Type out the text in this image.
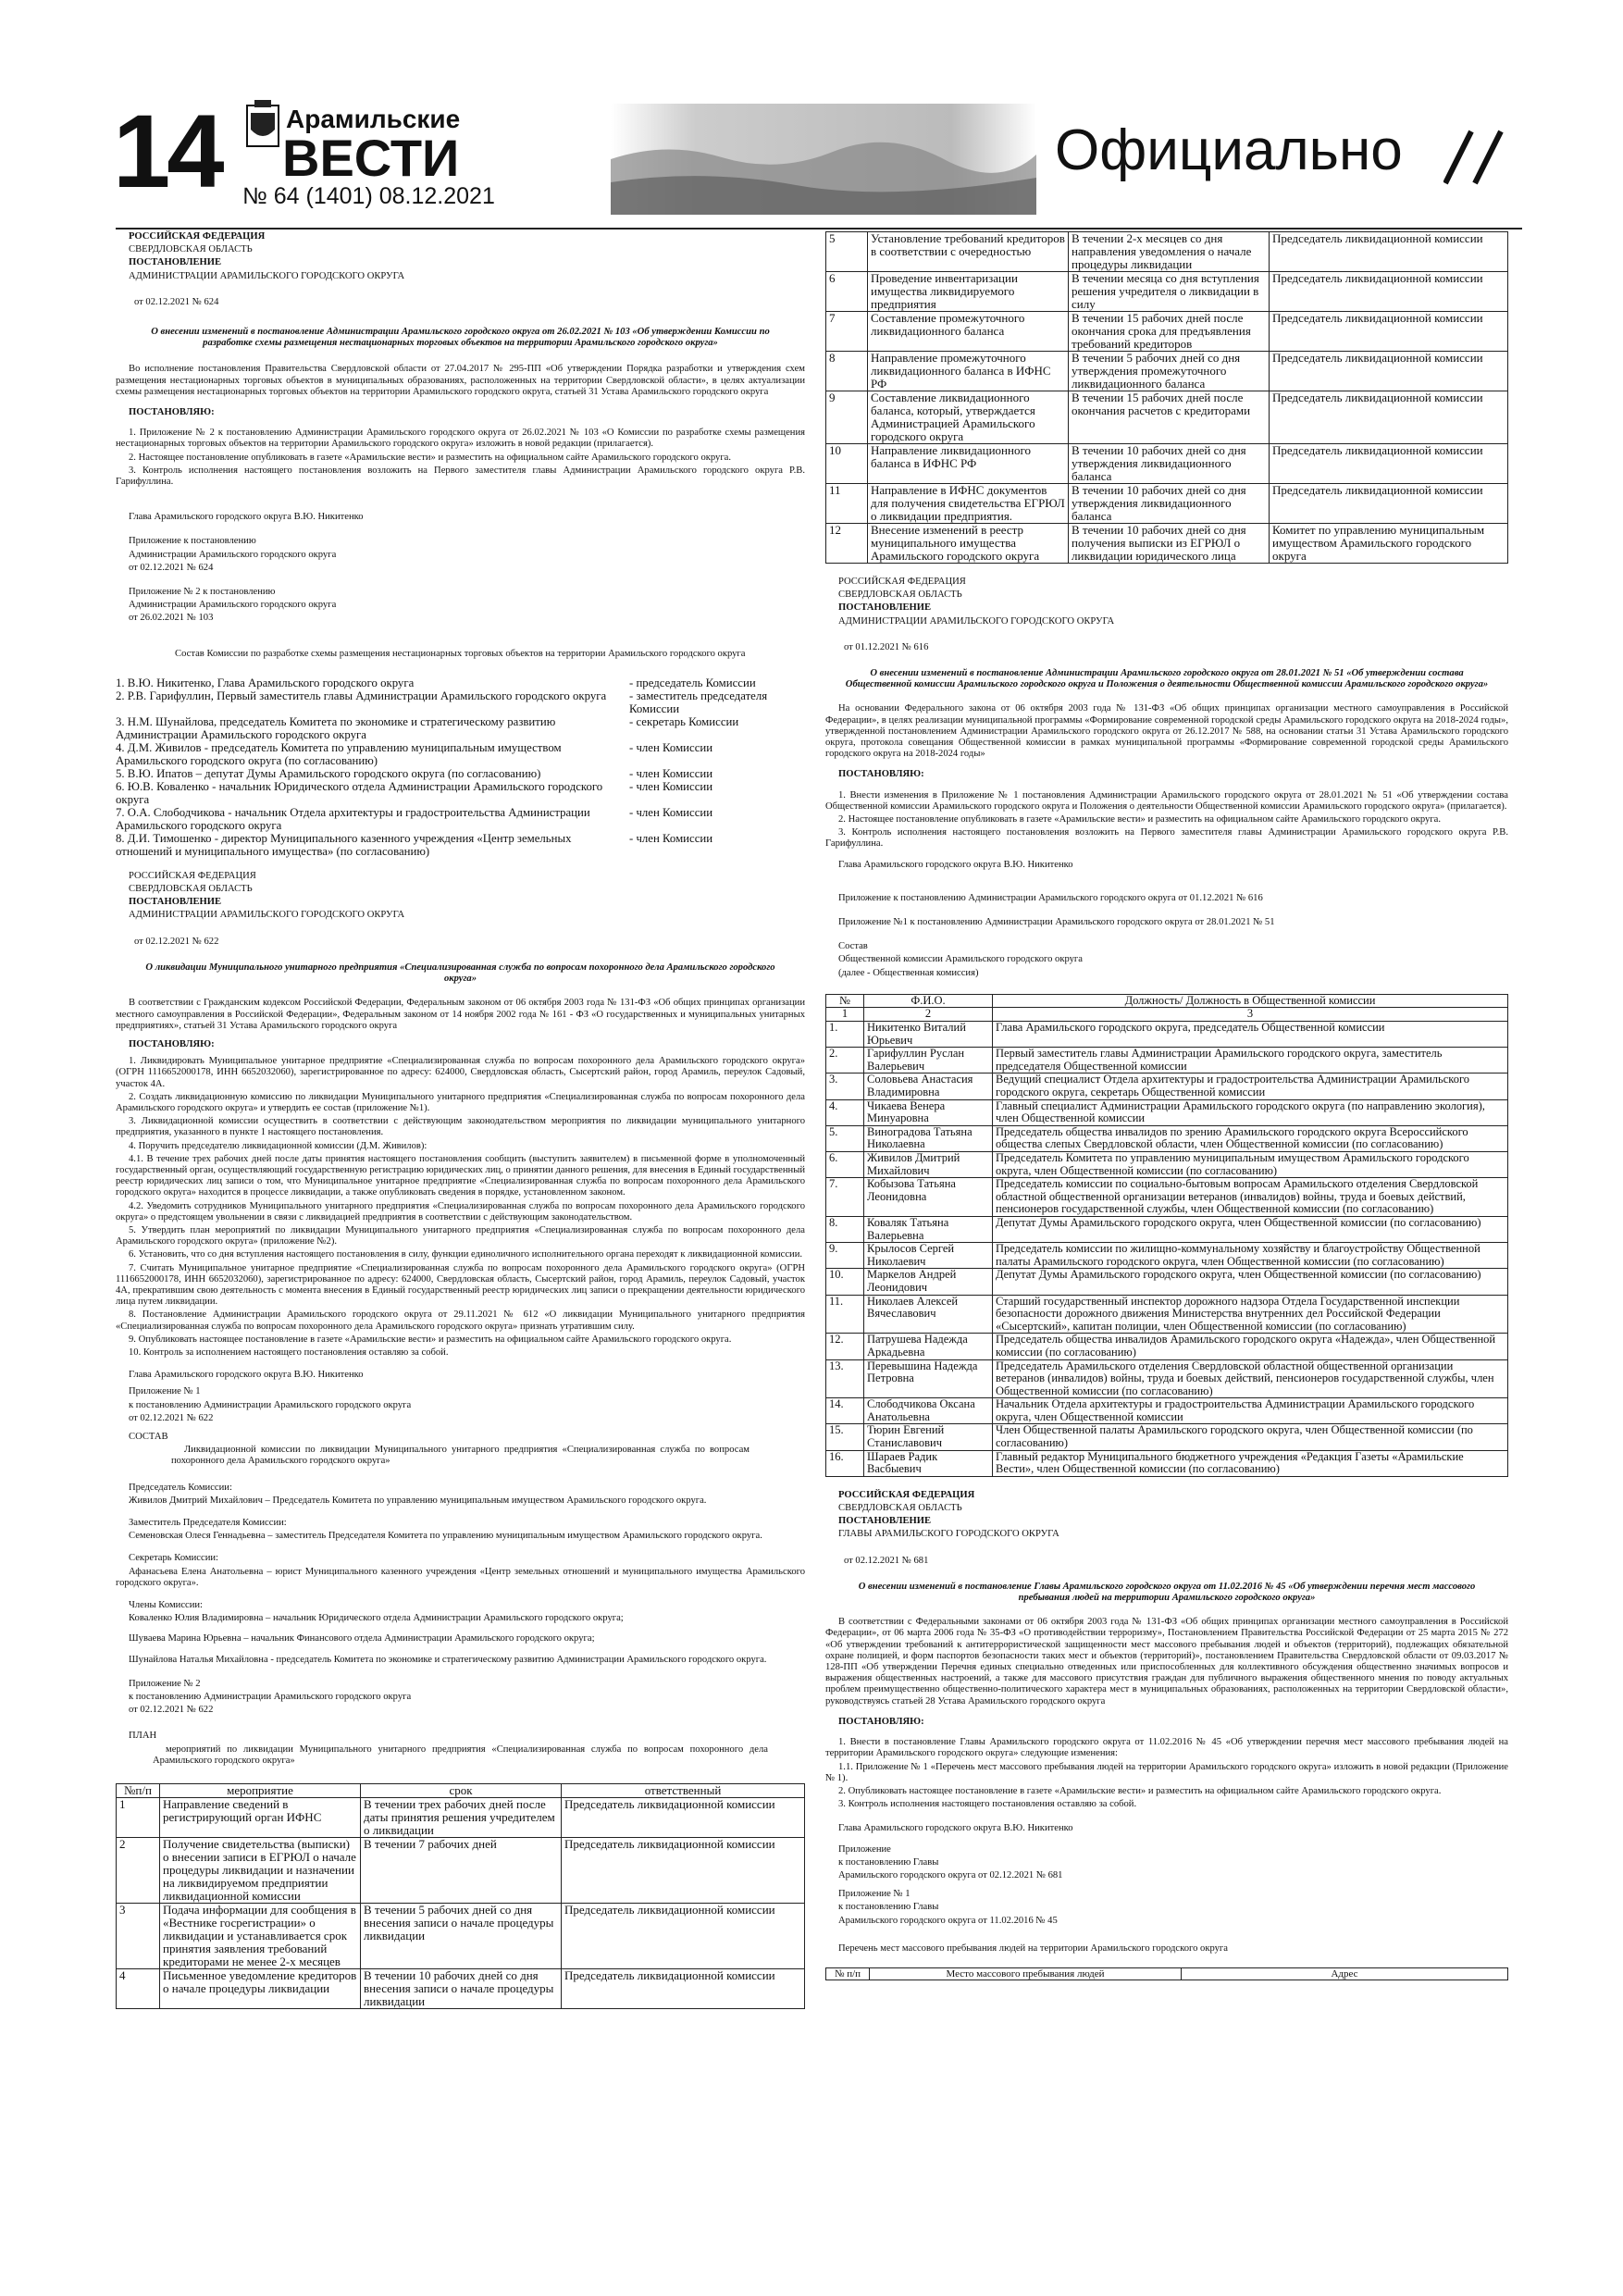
14	Арамильские
ВЕСТИ
№ 64 (1401) 08.12.2021
Официально

РОССИЙСКАЯ ФЕДЕРАЦИЯ

СВЕРДЛОВСКАЯ ОБЛАСТЬ

ПОСТАНОВЛЕНИЕ

АДМИНИСТРАЦИИ АРАМИЛЬСКОГО ГОРОДСКОГО ОКРУГА

от 02.12.2021 № 624

О внесении изменений в постановление Администрации Арамильского городского округа от 26.02.2021 № 103 «Об утверждении Комиссии по разработке схемы размещения нестационарных торговых объектов на территории Арамильского городского округа»

Во исполнение постановления Правительства Свердловской области от 27.04.2017 № 295-ПП «Об утверждении Порядка разработки и утверждения схем размещения нестационарных торговых объектов в муниципальных образованиях, расположенных на территории Свердловской области», в целях актуализации схемы размещения нестационарных торговых объектов на территории Арамильского городского округа, статьей 31 Устава Арамильского городского округа

ПОСТАНОВЛЯЮ:

1. Приложение № 2 к постановлению Администрации Арамильского городского округа от 26.02.2021 № 103 «О Комиссии по разработке схемы размещения нестационарных торговых объектов на территории Арамильского городского округа» изложить в новой редакции (прилагается).

2. Настоящее постановление опубликовать в газете «Арамильские вести» и разместить на официальном сайте Арамильского городского округа.

3. Контроль исполнения настоящего постановления возложить на Первого заместителя главы Администрации Арамильского городского округа Р.В. Гарифуллина.

Глава Арамильского городского округа В.Ю. Никитенко

Приложение к постановлению

Администрации Арамильского городского округа

от 02.12.2021 № 624

Приложение № 2 к постановлению

Администрации Арамильского городского округа

от 26.02.2021 № 103

Состав Комиссии по разработке схемы размещения нестационарных торговых объектов на территории Арамильского городского округа

1. В.Ю. Никитенко, Глава Арамильского городского округа	- председатель Комиссии
2. Р.В. Гарифуллин, Первый заместитель главы Администрации Арамильского городского округа	- заместитель председателя Комиссии
3. Н.М. Шунайлова, председатель Комитета по экономике и стратегическому развитию Администрации Арамильского городского округа
- секретарь Комиссии
4. Д.М. Живилов - председатель Комитета по управлению муниципальным имуществом Арамильского городского округа (по согласованию)
- член Комиссии
5. В.Ю. Ипатов – депутат Думы Арамильского городского округа (по согласованию)	- член Комиссии
6. Ю.В. Коваленко - начальник Юридического отдела Администрации Арамильского городского округа
- член Комиссии
7. О.А. Слободчикова - начальник Отдела архитектуры и градостроительства Администрации Арамильского городского округа
- член Комиссии
8. Д.И. Тимошенко - директор Муниципального казенного учреждения «Центр земельных отношений и муниципального имущества» (по согласованию)
- член Комиссии

РОССИЙСКАЯ ФЕДЕРАЦИЯ

СВЕРДЛОВСКАЯ ОБЛАСТЬ

ПОСТАНОВЛЕНИЕ

АДМИНИСТРАЦИИ АРАМИЛЬСКОГО ГОРОДСКОГО ОКРУГА

от 02.12.2021 № 622

О ликвидации Муниципального унитарного предприятия «Специализированная служба по вопросам похоронного дела Арамильского городского округа»

В соответствии с Гражданским кодексом Российской Федерации, Федеральным законом от 06 октября 2003 года № 131-ФЗ «Об общих принципах организации местного самоуправления в Российской Федерации», Федеральным законом от 14 ноября 2002 года № 161 - ФЗ «О государственных и муниципальных унитарных предприятиях», статьей 31 Устава Арамильского городского округа

ПОСТАНОВЛЯЮ:

1. Ликвидировать Муниципальное унитарное предприятие «Специализированная служба по вопросам похоронного дела Арамильского городского округа» (ОГРН 1116652000178, ИНН 6652032060), зарегистрированное по адресу: 624000, Свердловская область, Сысертский район, город Арамиль, переулок Садовый, участок 4А.

2. Создать ликвидационную комиссию по ликвидации Муниципального унитарного предприятия «Специализированная служба по вопросам похоронного дела Арамильского городского округа» и утвердить ее состав (приложение №1).

3. Ликвидационной комиссии осуществить в соответствии с действующим законодательством мероприятия по ликвидации муниципального унитарного предприятия, указанного в пункте 1 настоящего постановления.

4. Поручить председателю ликвидационной комиссии (Д.М. Живилов):

4.1. В течение трех рабочих дней после даты принятия настоящего постановления сообщить (выступить заявителем) в письменной форме в уполномоченный государственный орган, осуществляющий государственную регистрацию юридических лиц, о принятии данного решения, для внесения в Единый государственный реестр юридических лиц записи о том, что Муниципальное унитарное предприятие «Специализированная служба по вопросам похоронного дела Арамильского городского округа» находится в процессе ликвидации, а также опубликовать сведения в порядке, установленном законом.

4.2. Уведомить сотрудников Муниципального унитарного предприятия «Специализированная служба по вопросам похоронного дела Арамильского городского округа» о предстоящем увольнении в связи с ликвидацией предприятия в соответствии с действующим законодательством.

5. Утвердить план мероприятий по ликвидации Муниципального унитарного предприятия «Специализированная служба по вопросам похоронного дела Арамильского городского округа» (приложение №2).

6. Установить, что со дня вступления настоящего постановления в силу, функции единоличного исполнительного органа переходят к ликвидационной комиссии.

7. Считать Муниципальное унитарное предприятие «Специализированная служба по вопросам похоронного дела Арамильского городского округа» (ОГРН 1116652000178, ИНН 6652032060), зарегистрированное по адресу: 624000, Свердловская область, Сысертский район, город Арамиль, переулок Садовый, участок 4А, прекратившим свою деятельность с момента внесения в Единый государственный реестр юридических лиц записи о прекращении деятельности юридического лица путем ликвидации.

8. Постановление Администрации Арамильского городского округа от 29.11.2021 № 612 «О ликвидации Муниципального унитарного предприятия «Специализированная служба по вопросам похоронного дела Арамильского городского округа» признать утратившим силу.

9. Опубликовать настоящее постановление в газете «Арамильские вести» и разместить на официальном сайте Арамильского городского округа.

10. Контроль за исполнением настоящего постановления оставляю за собой.

Глава Арамильского городского округа В.Ю. Никитенко

Приложение № 1

к постановлению Администрации Арамильского городского округа

от 02.12.2021 № 622

СОСТАВ

Ликвидационной комиссии по ликвидации Муниципального унитарного предприятия «Специализированная служба по вопросам похоронного дела Арамильского городского округа»

Председатель Комиссии:

Живилов Дмитрий Михайлович – Председатель Комитета по управлению муниципальным имуществом Арамильского городского округа.

Заместитель Председателя Комиссии:

Семеновская Олеся Геннадьевна – заместитель Председателя Комитета по управлению муниципальным имуществом Арамильского городского округа.

Секретарь Комиссии:

Афанасьева Елена Анатольевна – юрист Муниципального казенного учреждения «Центр земельных отношений и муниципального имущества Арамильского городского округа».

Члены Комиссии:

Коваленко Юлия Владимировна – начальник Юридического отдела Администрации Арамильского городского округа;

Шуваева Марина Юрьевна – начальник Финансового отдела Администрации Арамильского городского округа;

Шунайлова Наталья Михайловна - председатель Комитета по экономике и стратегическому развитию Администрации Арамильского городского округа.

Приложение № 2

к постановлению Администрации Арамильского городского округа

от 02.12.2021 № 622

ПЛАН

мероприятий по ликвидации Муниципального унитарного предприятия «Специализированная служба по вопросам похоронного дела Арамильского городского округа»

№п/п	мероприятие	срок	ответственный
1	Направление сведений в регистрирующий орган ИФНС	В течении трех рабочих дней после даты принятия решения учредителем о ликвидации	Председатель ликвидационной комиссии
2	Получение свидетельства (выписки) о внесении записи в ЕГРЮЛ о начале процедуры ликвидации и назначении на ликвидируемом предприятии ликвидационной комиссии	В течении 7 рабочих дней	Председатель ликвидационной комиссии
3	Подача информации для сообщения в «Вестнике госрегистрации» о ликвидации и устанавливается срок принятия заявления требований кредиторами не менее 2-х месяцев	В течении 5 рабочих дней со дня внесения записи о начале процедуры ликвидации	Председатель ликвидационной комиссии
4	Письменное уведомление кредиторов о начале процедуры ликвидации	В течении 10 рабочих дней со дня внесения записи о начале процедуры ликвидации	Председатель ликвидационной комиссии
5	Установление требований кредиторов в соответствии с очередностью	В течении 2-х месяцев со дня направления уведомления о начале процедуры ликвидации	Председатель ликвидационной комиссии
6	Проведение инвентаризации имущества ликвидируемого предприятия	В течении месяца со дня вступления решения учредителя о ликвидации в силу	Председатель ликвидационной комиссии
7	Составление промежуточного ликвидационного баланса	В течении 15 рабочих дней после окончания срока для предъявления требований кредиторов	Председатель ликвидационной комиссии
8	Направление промежуточного ликвидационного баланса в ИФНС РФ	В течении 5 рабочих дней со дня утверждения промежуточного ликвидационного баланса	Председатель ликвидационной комиссии
9	Составление ликвидационного баланса, который, утверждается Администрацией Арамильского городского округа	В течении 15 рабочих дней после окончания расчетов с кредиторами	Председатель ликвидационной комиссии
10	Направление ликвидационного баланса в ИФНС РФ	В течении 10 рабочих дней со дня утверждения ликвидационного баланса	Председатель ликвидационной комиссии
11	Направление в ИФНС документов для получения свидетельства ЕГРЮЛ о ликвидации предприятия.	В течении 10 рабочих дней со дня утверждения ликвидационного баланса	Председатель ликвидационной комиссии
12	Внесение изменений в реестр муниципального имущества Арамильского городского округа	В течении 10 рабочих дней со дня получения выписки из ЕГРЮЛ о ликвидации юридического лица	Комитет по управлению муниципальным имуществом Арамильского городского округа

РОССИЙСКАЯ ФЕДЕРАЦИЯ

СВЕРДЛОВСКАЯ ОБЛАСТЬ

ПОСТАНОВЛЕНИЕ

АДМИНИСТРАЦИИ АРАМИЛЬСКОГО ГОРОДСКОГО ОКРУГА

от 01.12.2021 № 616

О внесении изменений в постановление Администрации Арамильского городского округа от 28.01.2021 № 51 «Об утверждении состава Общественной комиссии Арамильского городского округа и Положения о деятельности Общественной комиссии Арамильского городского округа»

На основании Федерального закона от 06 октября 2003 года № 131-ФЗ «Об общих принципах организации местного самоуправления в Российской Федерации», в целях реализации муниципальной программы «Формирование современной городской среды Арамильского городского округа на 2018-2024 годы», утвержденной постановлением Администрации Арамильского городского округа от 26.12.2017 № 588, на основании статьи 31 Устава Арамильского городского округа, протокола совещания Общественной комиссии в рамках муниципальной программы «Формирование современной городской среды Арамильского городского округа на 2018-2024 годы»

ПОСТАНОВЛЯЮ:

1. Внести изменения в Приложение № 1 постановления Администрации Арамильского городского округа от 28.01.2021 № 51 «Об утверждении состава Общественной комиссии Арамильского городского округа и Положения о деятельности Общественной комиссии Арамильского городского округа» (прилагается).

2. Настоящее постановление опубликовать в газете «Арамильские вести» и разместить на официальном сайте Арамильского городского округа.

3. Контроль исполнения настоящего постановления возложить на Первого заместителя главы Администрации Арамильского городского округа Р.В. Гарифуллина.

Глава Арамильского городского округа В.Ю. Никитенко

Приложение к постановлению Администрации Арамильского городского округа от 01.12.2021 № 616

Приложение №1 к постановлению Администрации Арамильского городского округа от 28.01.2021 № 51

Состав

Общественной комиссии Арамильского городского округа

(далее - Общественная комиссия)

№	Ф.И.О.	Должность/ Должность в Общественной комиссии
1	2	3
1.	Никитенко Виталий Юрьевич	Глава Арамильского городского округа, председатель Общественной комиссии
2.	Гарифуллин Руслан Валерьевич	Первый заместитель главы Администрации Арамильского городского округа, заместитель председателя Общественной комиссии
3.	Соловьева Анастасия Владимировна	Ведущий специалист Отдела архитектуры и градостроительства Администрации Арамильского городского округа, секретарь Общественной комиссии
4.	Чикаева Венера Минуаровна	Главный специалист Администрации Арамильского городского округа (по направлению экология), член Общественной комиссии
5.	Виноградова Татьяна Николаевна	Председатель общества инвалидов по зрению Арамильского городского округа Всероссийского общества слепых Свердловской области, член Общественной комиссии (по согласованию)
6.	Живилов Дмитрий Михайлович	Председатель Комитета по управлению муниципальным имуществом Арамильского городского округа, член Общественной комиссии (по согласованию)
7.	Кобызова Татьяна Леонидовна	Председатель комиссии по социально-бытовым вопросам Арамильского отделения Свердловской областной общественной организации ветеранов (инвалидов) войны, труда и боевых действий, пенсионеров государственной службы, член Общественной комиссии (по согласованию)
8.	Коваляк Татьяна Валерьевна	Депутат Думы Арамильского городского округа, член Общественной комиссии (по согласованию)
9.	Крылосов Сергей Николаевич	Председатель комиссии по жилищно-коммунальному хозяйству и благоустройству Общественной палаты Арамильского городского округа, член Общественной комиссии (по согласованию)
10.	Маркелов Андрей Леонидович	Депутат Думы Арамильского городского округа, член Общественной комиссии (по согласованию)
11.	Николаев Алексей Вячеславович	Старший государственный инспектор дорожного надзора Отдела Государственной инспекции безопасности дорожного движения Министерства внутренних дел Российской Федерации «Сысертский», капитан полиции, член Общественной комиссии (по согласованию)
12.	Патрушева Надежда Аркадьевна	Председатель общества инвалидов Арамильского городского округа «Надежда», член Общественной комиссии (по согласованию)
13.	Перевышина Надежда Петровна	Председатель Арамильского отделения Свердловской областной общественной организации ветеранов (инвалидов) войны, труда и боевых действий, пенсионеров государственной службы, член Общественной комиссии (по согласованию)
14.	Слободчикова Оксана Анатольевна	Начальник Отдела архитектуры и градостроительства Администрации Арамильского городского округа, член Общественной комиссии
15.	Тюрин Евгений Станиславович	Член Общественной палаты Арамильского городского округа, член Общественной комиссии (по согласованию)
16.	Шараев Радик Васбыевич	Главный редактор Муниципального бюджетного учреждения «Редакция Газеты «Арамильские Вести», член Общественной комиссии (по согласованию)

РОССИЙСКАЯ ФЕДЕРАЦИЯ

СВЕРДЛОВСКАЯ ОБЛАСТЬ

ПОСТАНОВЛЕНИЕ

ГЛАВЫ АРАМИЛЬСКОГО ГОРОДСКОГО ОКРУГА

от 02.12.2021 № 681

О внесении изменений в постановление Главы Арамильского городского округа от 11.02.2016 № 45 «Об утверждении перечня мест массового пребывания людей на территории Арамильского городского округа»

В соответствии с Федеральными законами от 06 октября 2003 года № 131-ФЗ «Об общих принципах организации местного самоуправления в Российской Федерации», от 06 марта 2006 года № 35-ФЗ «О противодействии терроризму», Постановлением Правительства Российской Федерации от 25 марта 2015 № 272 «Об утверждении требований к антитеррористической защищенности мест массового пребывания людей и объектов (территорий), подлежащих обязательной охране полицией, и форм паспортов безопасности таких мест и объектов (территорий)», постановлением Правительства Свердловской области от 09.03.2017 № 128-ПП «Об утверждении Перечня единых специально отведенных или приспособленных для коллективного обсуждения общественно значимых вопросов и выражения общественных настроений, а также для массового присутствия граждан для публичного выражения общественного мнения по поводу актуальных проблем преимущественно общественно-политического характера мест в муниципальных образованиях, расположенных на территории Свердловской области», руководствуясь статьей 28 Устава Арамильского городского округа

ПОСТАНОВЛЯЮ:

1. Внести в постановление Главы Арамильского городского округа от 11.02.2016 № 45 «Об утверждении перечня мест массового пребывания людей на территории Арамильского городского округа» следующие изменения:

1.1. Приложение № 1 «Перечень мест массового пребывания людей на территории Арамильского городского округа» изложить в новой редакции (Приложение № 1).

2. Опубликовать настоящее постановление в газете «Арамильские вести» и разместить на официальном сайте Арамильского городского округа.

3. Контроль исполнения настоящего постановления оставляю за собой.

Глава Арамильского городского округа В.Ю. Никитенко

Приложение

к постановлению Главы

Арамильского городского округа от 02.12.2021 № 681

Приложение № 1

к постановлению Главы

Арамильского городского округа от 11.02.2016 № 45

Перечень мест массового пребывания людей на территории Арамильского городского округа

№ п/п	Место массового пребывания людей	Адрес
